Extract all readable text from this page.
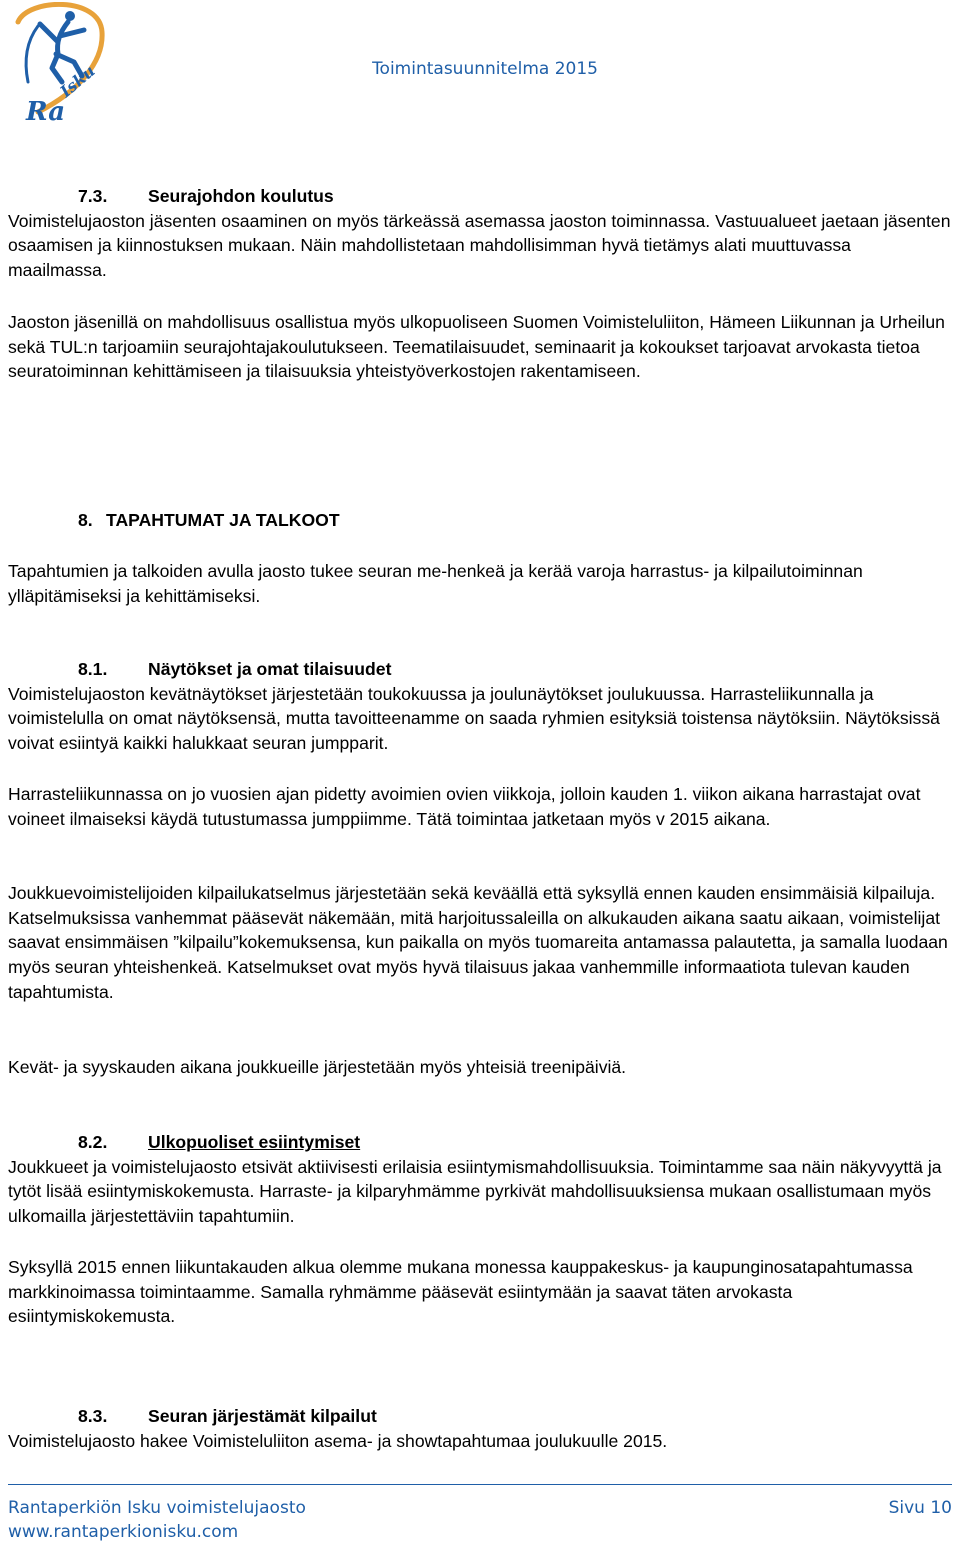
Ra
Isku	Toimintasuunnitelma 2015

7.3. Seurajohdon koulutus

Voimistelujaoston jäsenten osaaminen on myös tärkeässä asemassa jaoston toiminnassa. Vastuualueet jaetaan jäsenten osaamisen ja kiinnostuksen mukaan. Näin mahdollistetaan mahdollisimman hyvä tietämys alati muuttuvassa maailmassa.

Jaoston jäsenillä on mahdollisuus osallistua myös ulkopuoliseen Suomen Voimisteluliiton, Hämeen Liikunnan ja Urheilun sekä TUL:n tarjoamiin seurajohtajakoulutukseen. Teematilaisuudet, seminaarit ja kokoukset tarjoavat arvokasta tietoa seuratoiminnan kehittämiseen ja tilaisuuksia yhteistyöverkostojen rakentamiseen.

8. TAPAHTUMAT JA TALKOOT

Tapahtumien ja talkoiden avulla jaosto tukee seuran me-henkeä ja kerää varoja harrastus- ja kilpailutoiminnan ylläpitämiseksi ja kehittämiseksi.

8.1. Näytökset ja omat tilaisuudet

Voimistelujaoston kevätnäytökset järjestetään toukokuussa ja joulunäytökset joulukuussa. Harrasteliikunnalla ja voimistelulla on omat näytöksensä, mutta tavoitteenamme on saada ryhmien esityksiä toistensa näytöksiin. Näytöksissä voivat esiintyä kaikki halukkaat seuran jumpparit.

Harrasteliikunnassa on jo vuosien ajan pidetty avoimien ovien viikkoja, jolloin kauden 1. viikon aikana harrastajat ovat voineet ilmaiseksi käydä tutustumassa jumppiimme. Tätä toimintaa jatketaan myös v 2015 aikana.

Joukkuevoimistelijoiden kilpailukatselmus järjestetään sekä keväällä että syksyllä ennen kauden ensimmäisiä kilpailuja. Katselmuksissa vanhemmat pääsevät näkemään, mitä harjoitussaleilla on alkukauden aikana saatu aikaan, voimistelijat saavat ensimmäisen ”kilpailu”kokemuksensa, kun paikalla on myös tuomareita antamassa palautetta, ja samalla luodaan myös seuran yhteishenkeä. Katselmukset ovat myös hyvä tilaisuus jakaa vanhemmille informaatiota tulevan kauden tapahtumista.

Kevät- ja syyskauden aikana joukkueille järjestetään myös yhteisiä treenipäiviä.

8.2. Ulkopuoliset esiintymiset

Joukkueet ja voimistelujaosto etsivät aktiivisesti erilaisia esiintymismahdollisuuksia. Toimintamme saa näin näkyvyyttä ja tytöt lisää esiintymiskokemusta. Harraste- ja kilparyhmämme pyrkivät mahdollisuuksiensa mukaan osallistumaan myös ulkomailla järjestettäviin tapahtumiin.

Syksyllä 2015 ennen liikuntakauden alkua olemme mukana monessa kauppakeskus- ja kaupunginosatapahtumassa markkinoimassa toimintaamme. Samalla ryhmämme pääsevät esiintymään ja saavat täten arvokasta esiintymiskokemusta.

8.3. Seuran järjestämät kilpailut

Voimistelujaosto hakee Voimisteluliiton asema- ja showtapahtumaa joulukuulle 2015.

Rantaperkiön Isku voimistelujaosto
www.rantaperkionisku.com
Sivu 10
